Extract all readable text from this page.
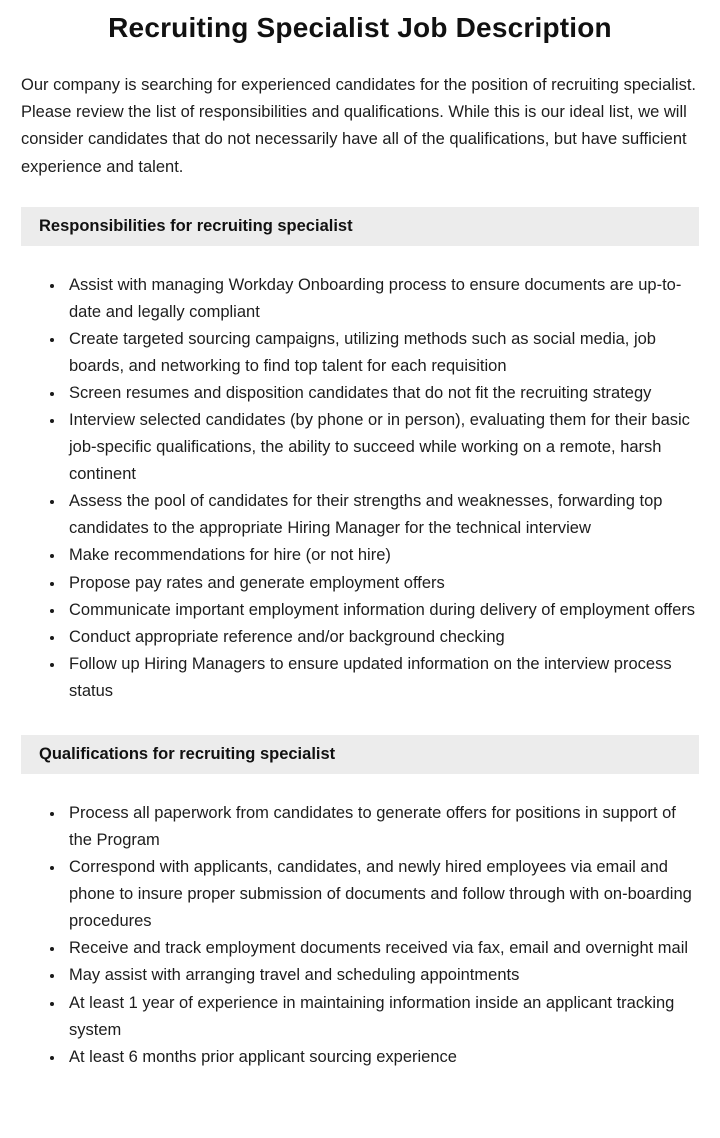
Recruiting Specialist Job Description

Our company is searching for experienced candidates for the position of recruiting specialist. Please review the list of responsibilities and qualifications. While this is our ideal list, we will consider candidates that do not necessarily have all of the qualifications, but have sufficient experience and talent.

Responsibilities for recruiting specialist
• Assist with managing Workday Onboarding process to ensure documents are up-to-date and legally compliant
• Create targeted sourcing campaigns, utilizing methods such as social media, job boards, and networking to find top talent for each requisition
• Screen resumes and disposition candidates that do not fit the recruiting strategy
• Interview selected candidates (by phone or in person), evaluating them for their basic job-specific qualifications, the ability to succeed while working on a remote, harsh continent
• Assess the pool of candidates for their strengths and weaknesses, forwarding top candidates to the appropriate Hiring Manager for the technical interview
• Make recommendations for hire (or not hire)
• Propose pay rates and generate employment offers
• Communicate important employment information during delivery of employment offers
• Conduct appropriate reference and/or background checking
• Follow up Hiring Managers to ensure updated information on the interview process status
Qualifications for recruiting specialist
• Process all paperwork from candidates to generate offers for positions in support of the Program
• Correspond with applicants, candidates, and newly hired employees via email and phone to insure proper submission of documents and follow through with on-boarding procedures
• Receive and track employment documents received via fax, email and overnight mail
• May assist with arranging travel and scheduling appointments
• At least 1 year of experience in maintaining information inside an applicant tracking system
• At least 6 months prior applicant sourcing experience
